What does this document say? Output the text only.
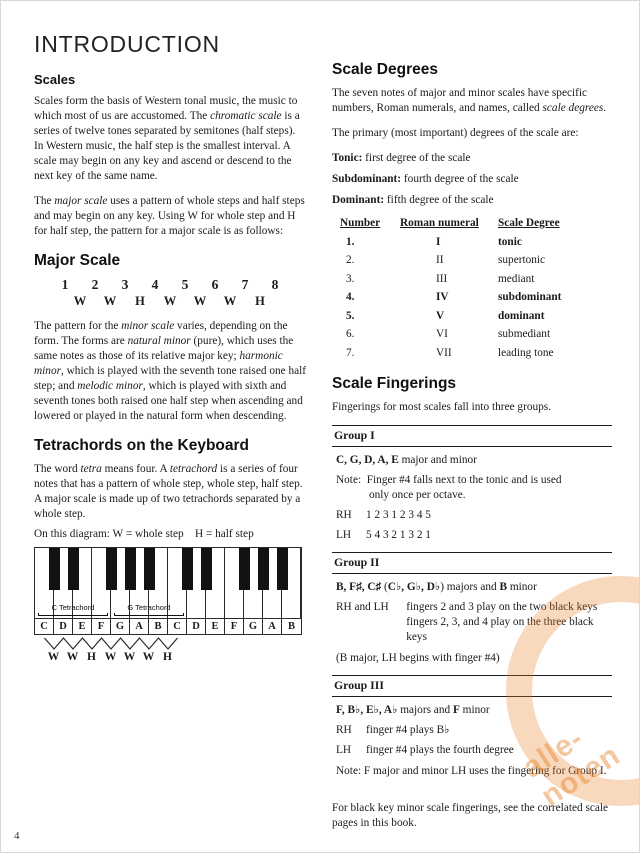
INTRODUCTION
Scales

Scales form the basis of Western tonal music, the music to which most of us are accustomed. The chromatic scale is a series of twelve tones separated by semitones (half steps). In Western music, the half step is the smallest interval. A scale may begin on any key and ascend or descend to the next key of the same name.

The major scale uses a pattern of whole steps and half steps and may begin on any key. Using W for whole step and H for half step, the pattern for a major scale is as follows:

Major Scale
1	2	3	4	5	6	7	8
W	W	H	W	W	W	H

The pattern for the minor scale varies, depending on the form. The forms are natural minor (pure), which uses the same notes as those of its relative major key; harmonic minor, which is played with the seventh tone raised one half step; and melodic minor, which is played with sixth and seventh tones both raised one half step when ascending and lowered or played in the natural form when descending.

Tetrachords on the Keyboard

The word tetra means four. A tetrachord is a series of four notes that has a pattern of whole step, whole step, half step. A major scale is made up of two tetrachords separated by a whole step.

On this diagram: W = whole step  H = half step

C Tetrachord	G Tetrachord
C	D	E	F	G	A	B	C	D	E	F	G	A	B
W W H W W W H
Scale Degrees

The seven notes of major and minor scales have specific numbers, Roman numerals, and names, called scale degrees.

The primary (most important) degrees of the scale are:

Tonic: first degree of the scale
Subdominant: fourth degree of the scale
Dominant: fifth degree of the scale
Number	Roman numeral	Scale Degree
1.	I	tonic
2.	II	supertonic
3.	III	mediant
4.	IV	subdominant
5.	V	dominant
6.	VI	submediant
7.	VII	leading tone
Scale Fingerings

Fingerings for most scales fall into three groups.

Group I
C, G, D, A, E major and minor
Note: Finger #4 falls next to the tonic and is used
only once per octave.
RH	1 2 3 1 2 3 4 5
LH	5 4 3 2 1 3 2 1
Group II
B, F♯, C♯ (C♭, G♭, D♭) majors and B minor
RH and LH	fingers 2 and 3 play on the two black keys
fingers 2, 3, and 4 play on the three black keys
(B major, LH begins with finger #4)
Group III
F, B♭, E♭, A♭ majors and F minor
RH	finger #4 plays B♭
LH	finger #4 plays the fourth degree
Note: F major and minor LH uses the fingering for Group I.

For black key minor scale fingerings, see the correlated scale pages in this book.

4
alle-noten
